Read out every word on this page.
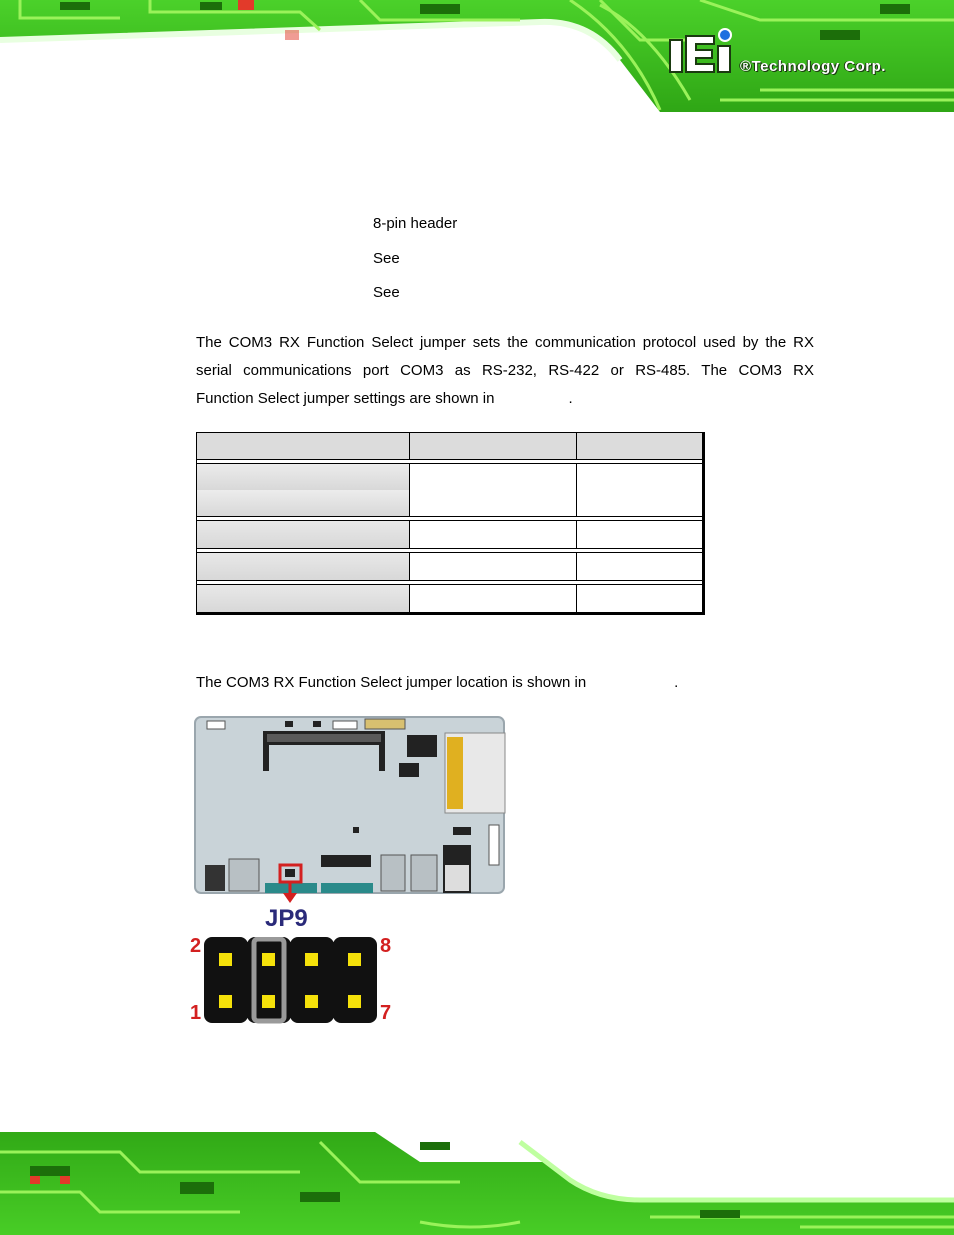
®Technology Corp.
8-pin header
See
See
The COM3 RX Function Select jumper sets the communication protocol used by the RX
serial communications port COM3 as RS-232, RS-422 or RS-485. The COM3 RX
Function Select jumper settings are shown in	.

The COM3 RX Function Select jumper location is shown in	.
JP9
2
1
8
7
